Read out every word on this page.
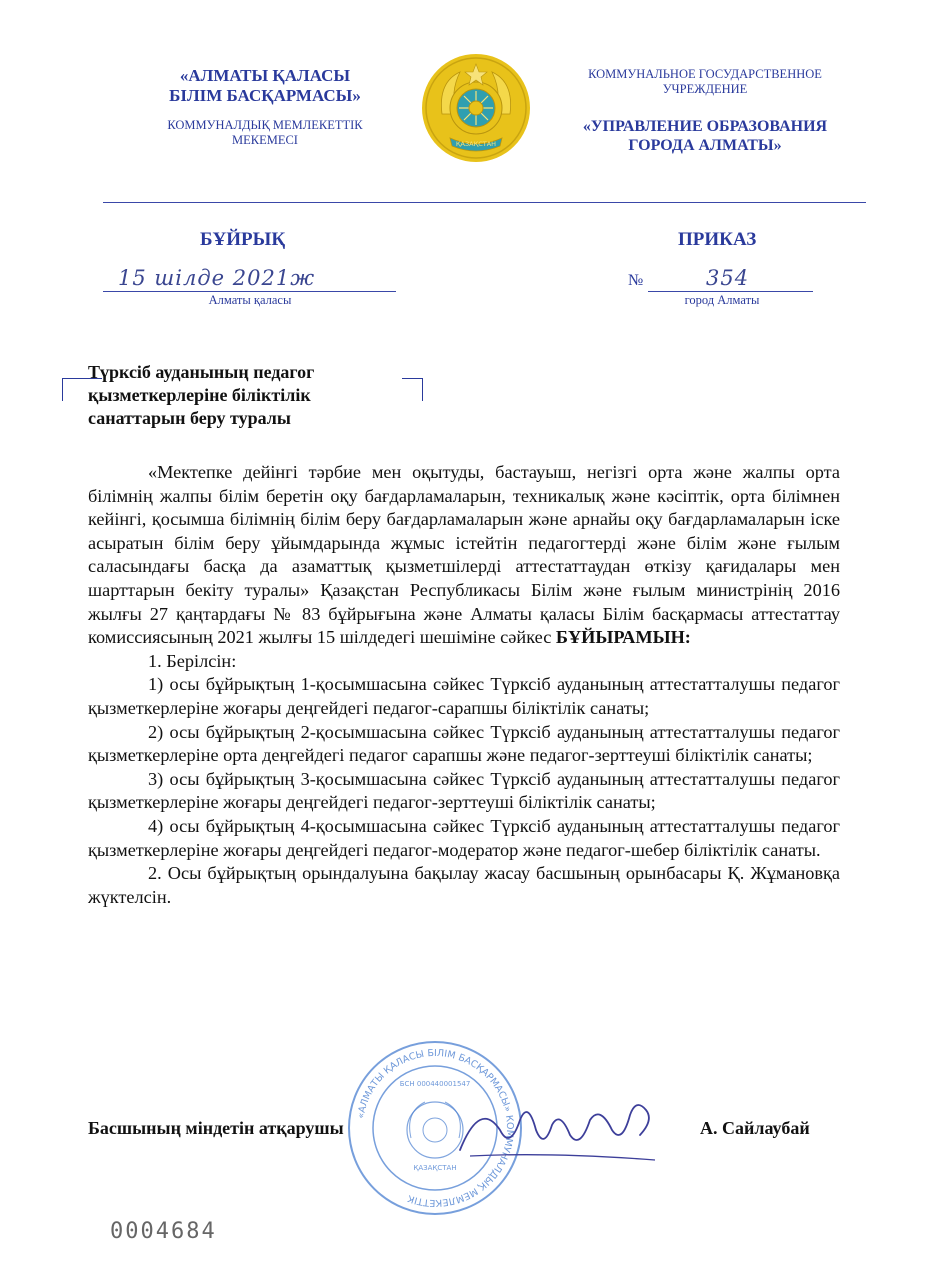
«АЛМАТЫ ҚАЛАСЫ
БІЛІМ БАСҚАРМАСЫ»
КОММУНАЛДЫҚ МЕМЛЕКЕТТІК
МЕКЕМЕСІ	ҚАЗАҚСТАН
КОММУНАЛЬНОЕ ГОСУДАРСТВЕННОЕ
УЧРЕЖДЕНИЕ
«УПРАВЛЕНИЕ ОБРАЗОВАНИЯ
ГОРОДА АЛМАТЫ»
БҰЙРЫҚ	ПРИКАЗ
15 шілде 2021ж
Алматы қаласы
№	354
город Алматы
Түрксіб ауданының педагог
қызметкерлеріне біліктілік
санаттарын беру туралы

«Мектепке дейінгі тәрбие мен оқытуды, бастауыш, негізгі орта және жалпы орта білімнің жалпы білім беретін оқу бағдарламаларын, техникалық және кәсіптік, орта білімнен кейінгі, қосымша білімнің білім беру бағдарламаларын және арнайы оқу бағдарламаларын іске асыратын білім беру ұйымдарында жұмыс істейтін педагогтерді және білім және ғылым саласындағы басқа да азаматтық қызметшілерді аттестаттаудан өткізу қағидалары мен шарттарын бекіту туралы» Қазақстан Республикасы Білім және ғылым министрінің 2016 жылғы 27 қаңтардағы № 83 бұйрығына және Алматы қаласы Білім басқармасы аттестаттау комиссиясының 2021 жылғы 15 шілдедегі шешіміне сәйкес БҰЙЫРАМЫН:

1. Берілсін:

1) осы бұйрықтың 1-қосымшасына сәйкес Түрксіб ауданының аттестатталушы педагог қызметкерлеріне жоғары деңгейдегі педагог-сарапшы біліктілік санаты;

2) осы бұйрықтың 2-қосымшасына сәйкес Түрксіб ауданының аттестатталушы педагог қызметкерлеріне орта деңгейдегі педагог сарапшы және педагог-зерттеуші біліктілік санаты;

3) осы бұйрықтың 3-қосымшасына сәйкес Түрксіб ауданының аттестатталушы педагог қызметкерлеріне жоғары деңгейдегі педагог-зерттеуші біліктілік санаты;

4) осы бұйрықтың 4-қосымшасына сәйкес Түрксіб ауданының аттестатталушы педагог қызметкерлеріне жоғары деңгейдегі педагог-модератор және педагог-шебер біліктілік санаты.

2. Осы бұйрықтың орындалуына бақылау жасау басшының орынбасары Қ. Жұмановқа жүктелсін.

«АЛМАТЫ ҚАЛАСЫ БІЛІМ БАСҚАРМАСЫ» КОММУНАЛДЫҚ МЕМЛЕКЕТТІК
БСН 000440001547
ҚАЗАҚСТАН
Басшының міндетін атқарушы	А. Сайлаубай
0004684
